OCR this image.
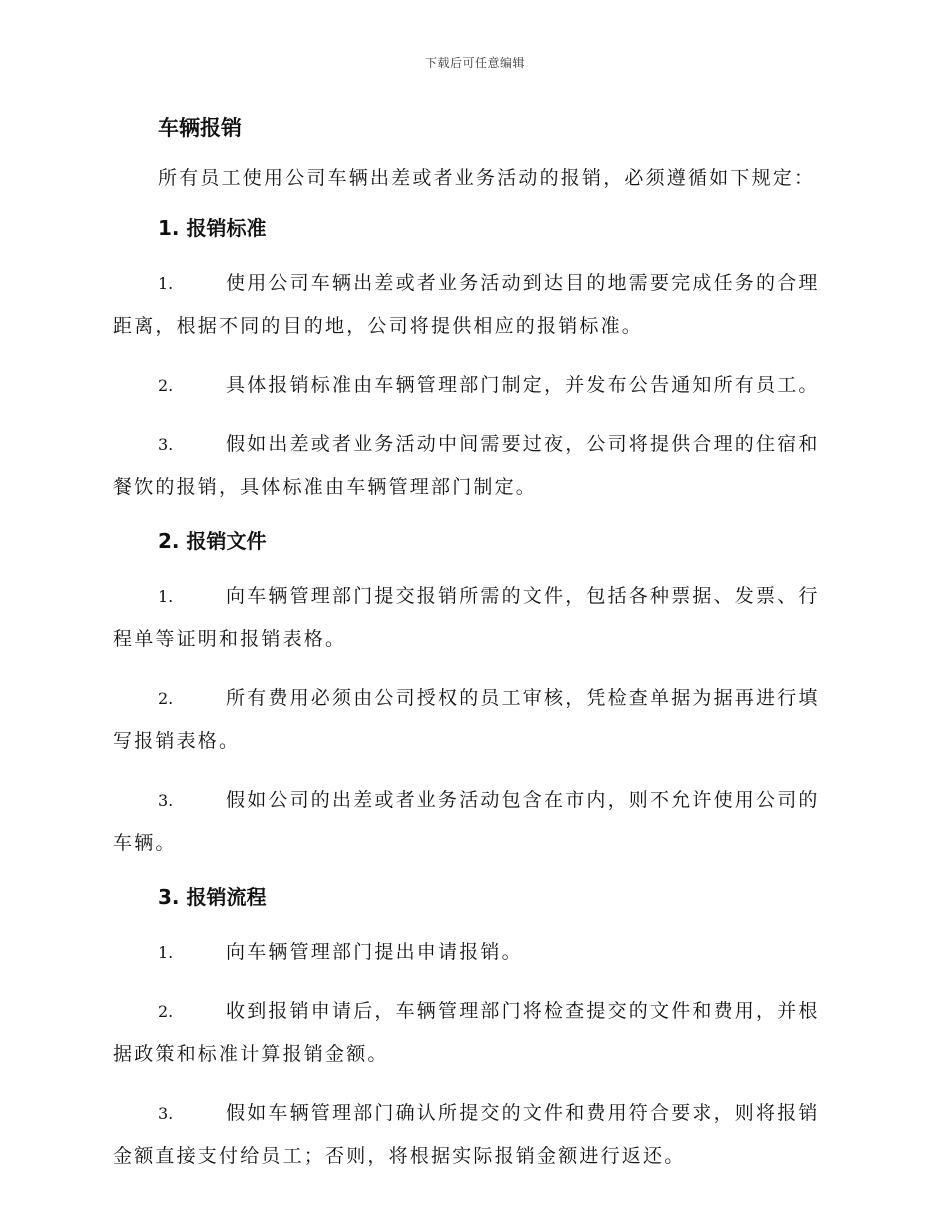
下载后可任意编辑
车辆报销
所有员工使用公司车辆出差或者业务活动的报销，必须遵循如下规定：
1. 报销标准
1.	使用公司车辆出差或者业务活动到达目的地需要完成任务的合理距离，根据不同的目的地，公司将提供相应的报销标准。
2.	具体报销标准由车辆管理部门制定，并发布公告通知所有员工。
3.	假如出差或者业务活动中间需要过夜，公司将提供合理的住宿和餐饮的报销，具体标准由车辆管理部门制定。
2. 报销文件
1.	向车辆管理部门提交报销所需的文件，包括各种票据、发票、行程单等证明和报销表格。
2.	所有费用必须由公司授权的员工审核，凭检查单据为据再进行填写报销表格。
3.	假如公司的出差或者业务活动包含在市内，则不允许使用公司的车辆。
3. 报销流程
1.	向车辆管理部门提出申请报销。
2.	收到报销申请后，车辆管理部门将检查提交的文件和费用，并根据政策和标准计算报销金额。
3.	假如车辆管理部门确认所提交的文件和费用符合要求，则将报销金额直接支付给员工；否则，将根据实际报销金额进行返还。
